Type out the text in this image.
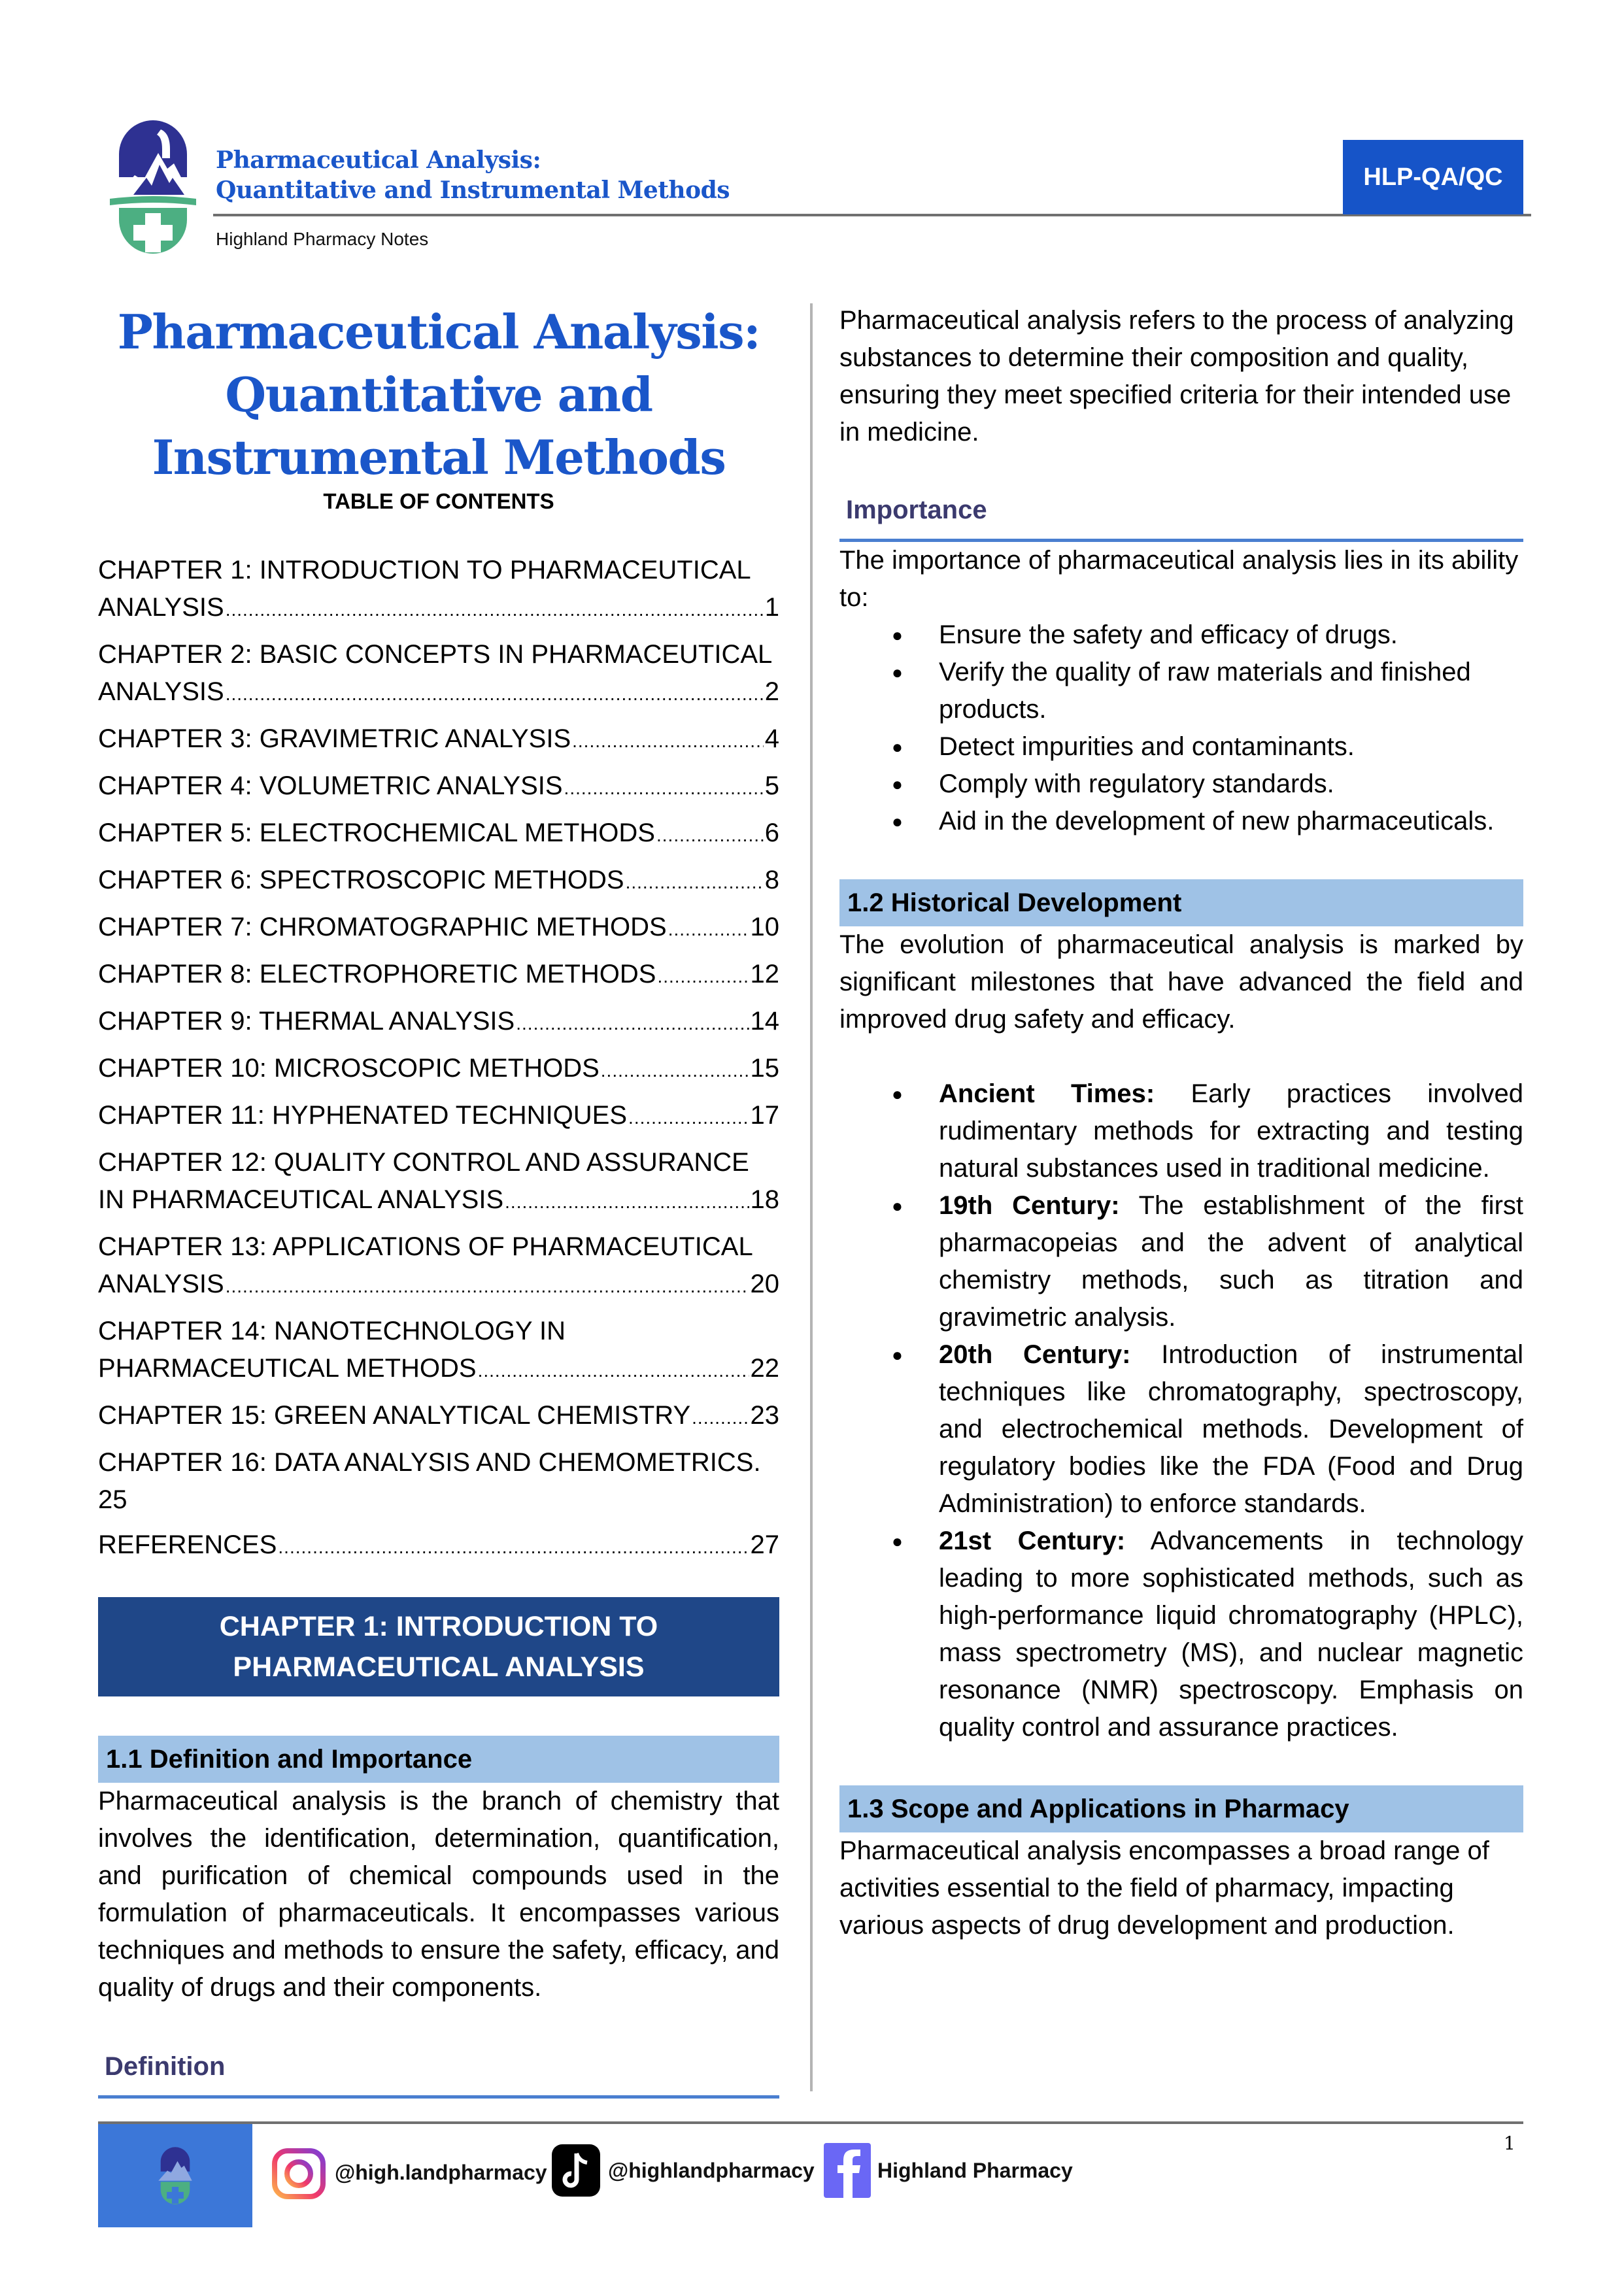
Pharmaceutical Analysis:
Quantitative and Instrumental Methods
Highland Pharmacy Notes
HLP-QA/QC
Pharmaceutical Analysis:
Quantitative and
Instrumental Methods
TABLE OF CONTENTS
CHAPTER 1: INTRODUCTION TO PHARMACEUTICAL
ANALYSIS .....	1
CHAPTER 2: BASIC CONCEPTS IN PHARMACEUTICAL
ANALYSIS .....	2
CHAPTER 3: GRAVIMETRIC ANALYSIS .....	4
CHAPTER 4: VOLUMETRIC ANALYSIS .....	5
CHAPTER 5: ELECTROCHEMICAL METHODS .....	6
CHAPTER 6: SPECTROSCOPIC METHODS .....	8
CHAPTER 7: CHROMATOGRAPHIC METHODS .....	10
CHAPTER 8: ELECTROPHORETIC METHODS .....	12
CHAPTER 9: THERMAL ANALYSIS .....	14
CHAPTER 10: MICROSCOPIC METHODS .....	15
CHAPTER 11: HYPHENATED TECHNIQUES .....	17
CHAPTER 12: QUALITY CONTROL AND ASSURANCE
IN PHARMACEUTICAL ANALYSIS .....	18
CHAPTER 13: APPLICATIONS OF PHARMACEUTICAL
ANALYSIS .....	20
CHAPTER 14: NANOTECHNOLOGY IN
PHARMACEUTICAL METHODS .....	22
CHAPTER 15: GREEN ANALYTICAL CHEMISTRY ..... 23
CHAPTER 16: DATA ANALYSIS AND CHEMOMETRICS.
25
REFERENCES .....	27
CHAPTER 1: INTRODUCTION TO PHARMACEUTICAL ANALYSIS
1.1 Definition and Importance

Pharmaceutical analysis is the branch of chemistry that involves the identification, determination, quantification, and purification of chemical compounds used in the formulation of pharmaceuticals. It encompasses various techniques and methods to ensure the safety, efficacy, and quality of drugs and their components.

Definition

Pharmaceutical analysis refers to the process of analyzing substances to determine their composition and quality, ensuring they meet specified criteria for their intended use in medicine.

Importance

The importance of pharmaceutical analysis lies in its ability to:

● Ensure the safety and efficacy of drugs.
● Verify the quality of raw materials and finished products.
● Detect impurities and contaminants.
● Comply with regulatory standards.
● Aid in the development of new pharmaceuticals.
1.2 Historical Development

The evolution of pharmaceutical analysis is marked by significant milestones that have advanced the field and improved drug safety and efficacy.

● Ancient Times: Early practices involved rudimentary methods for extracting and testing natural substances used in traditional medicine.
● 19th Century: The establishment of the first pharmacopeias and the advent of analytical chemistry methods, such as titration and gravimetric analysis.
● 20th Century: Introduction of instrumental techniques like chromatography, spectroscopy, and electrochemical methods. Development of regulatory bodies like the FDA (Food and Drug Administration) to enforce standards.
● 21st Century: Advancements in technology leading to more sophisticated methods, such as high-performance liquid chromatography (HPLC), mass spectrometry (MS), and nuclear magnetic resonance (NMR) spectroscopy. Emphasis on quality control and assurance practices.
1.3 Scope and Applications in Pharmacy

Pharmaceutical analysis encompasses a broad range of activities essential to the field of pharmacy, impacting various aspects of drug development and production.

@high.landpharmacy	@highlandpharmacy	Highland Pharmacy
1
